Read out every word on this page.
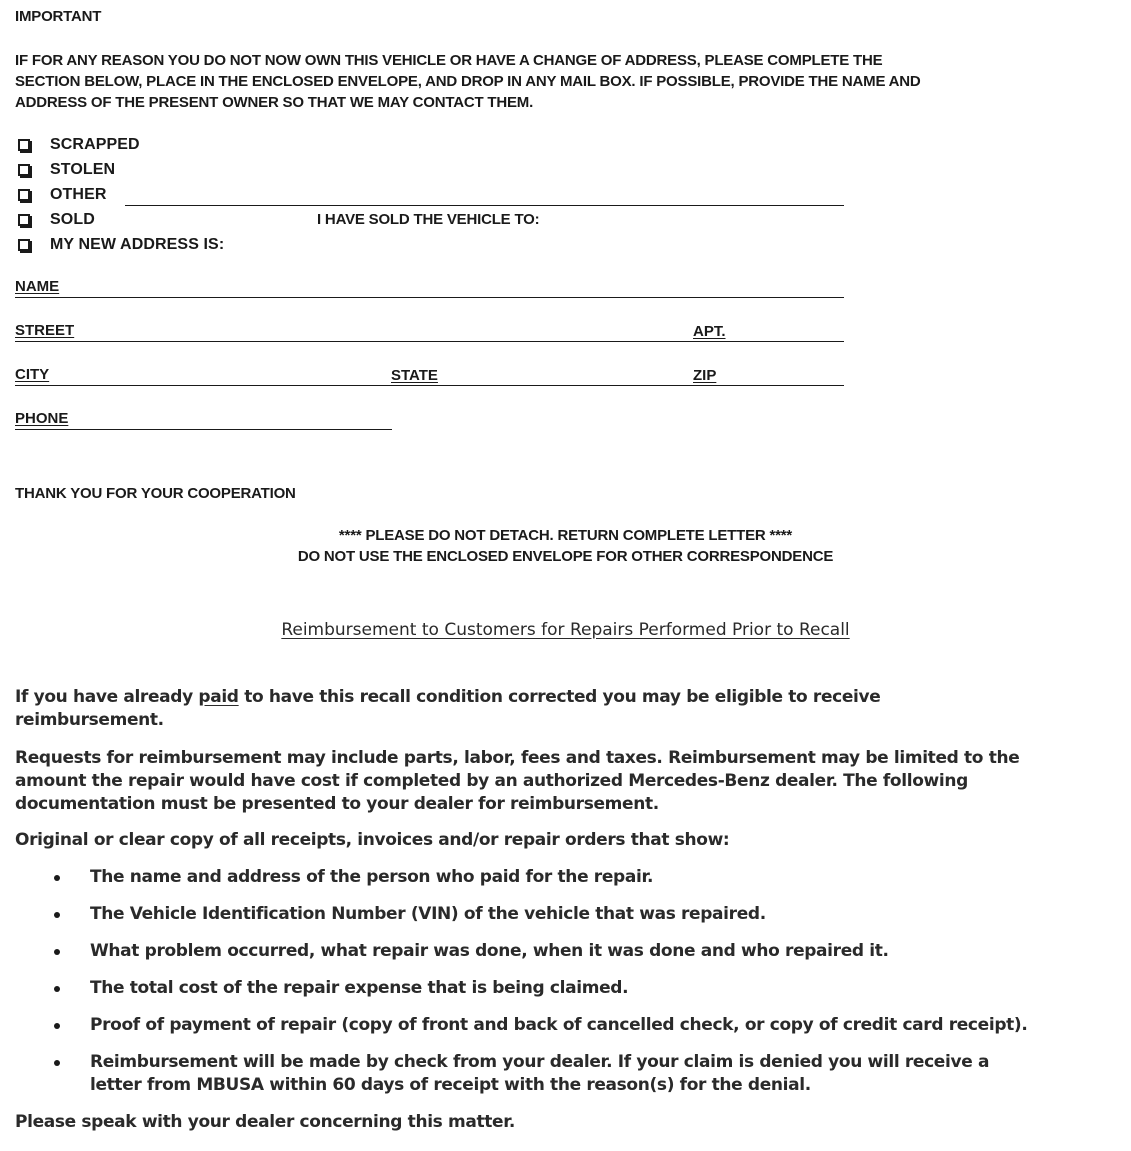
IMPORTANT
IF FOR ANY REASON YOU DO NOT NOW OWN THIS VEHICLE OR HAVE A CHANGE OF ADDRESS, PLEASE COMPLETE THE
SECTION BELOW, PLACE IN THE ENCLOSED ENVELOPE, AND DROP IN ANY MAIL BOX. IF POSSIBLE, PROVIDE THE NAME AND
ADDRESS OF THE PRESENT OWNER SO THAT WE MAY CONTACT THEM.
SCRAPPED
STOLEN
OTHER
SOLD	I HAVE SOLD THE VEHICLE TO:
MY NEW ADDRESS IS:
NAME
STREET	APT.
CITY	STATE	ZIP
PHONE
THANK YOU FOR YOUR COOPERATION
**** PLEASE DO NOT DETACH. RETURN COMPLETE LETTER ****
DO NOT USE THE ENCLOSED ENVELOPE FOR OTHER CORRESPONDENCE
Reimbursement to Customers for Repairs Performed Prior to Recall
If you have already paid to have this recall condition corrected you may be eligible to receive
reimbursement.
Requests for reimbursement may include parts, labor, fees and taxes. Reimbursement may be limited to the
amount the repair would have cost if completed by an authorized Mercedes-Benz dealer. The following
documentation must be presented to your dealer for reimbursement.
Original or clear copy of all receipts, invoices and/or repair orders that show:
The name and address of the person who paid for the repair.
The Vehicle Identification Number (VIN) of the vehicle that was repaired.
What problem occurred, what repair was done, when it was done and who repaired it.
The total cost of the repair expense that is being claimed.
Proof of payment of repair (copy of front and back of cancelled check, or copy of credit card receipt).
Reimbursement will be made by check from your dealer. If your claim is denied you will receive a
letter from MBUSA within 60 days of receipt with the reason(s) for the denial.
Please speak with your dealer concerning this matter.
